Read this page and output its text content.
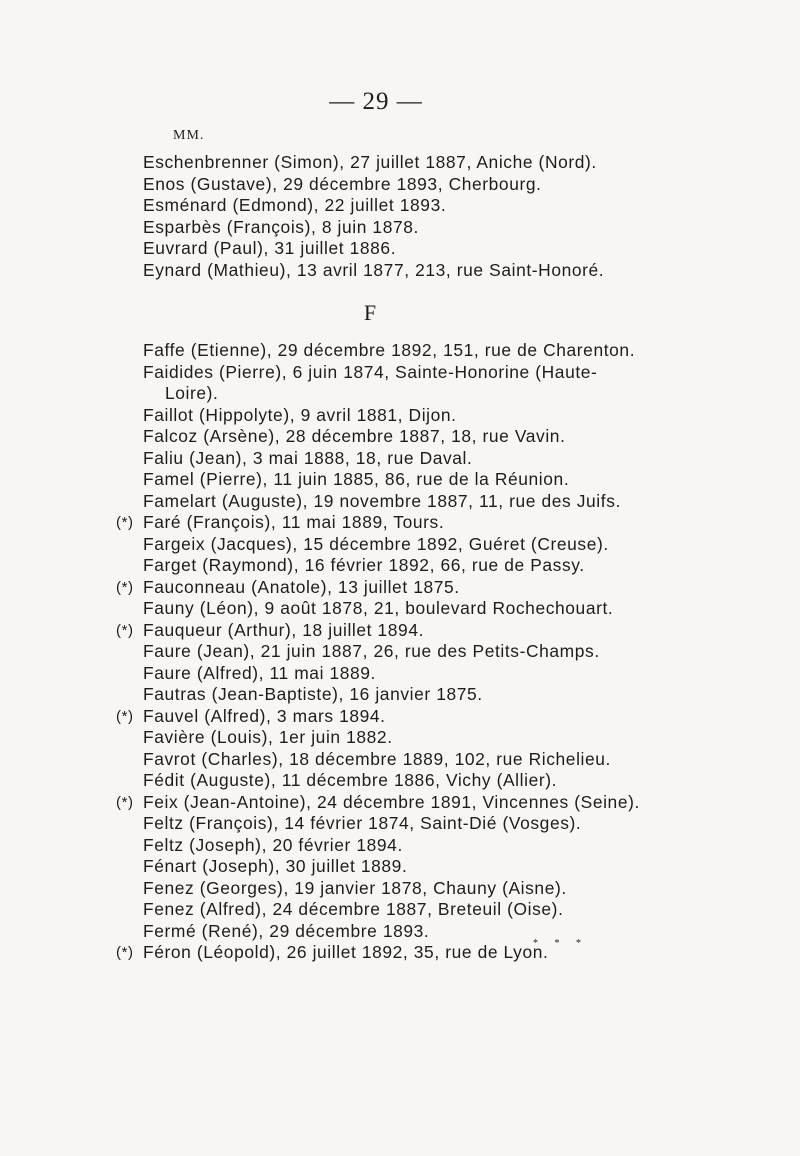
— 29 —
MM.
Eschenbrenner (Simon), 27 juillet 1887, Aniche (Nord).
Enos (Gustave), 29 décembre 1893, Cherbourg.
Esménard (Edmond), 22 juillet 1893.
Esparbès (François), 8 juin 1878.
Euvrard (Paul), 31 juillet 1886.
Eynard (Mathieu), 13 avril 1877, 213, rue Saint-Honoré.
F
Faffe (Etienne), 29 décembre 1892, 151, rue de Charenton.
Faidides (Pierre), 6 juin 1874, Sainte-Honorine (Haute-
Loire).
Faillot (Hippolyte), 9 avril 1881, Dijon.
Falcoz (Arsène), 28 décembre 1887, 18, rue Vavin.
Faliu (Jean), 3 mai 1888, 18, rue Daval.
Famel (Pierre), 11 juin 1885, 86, rue de la Réunion.
Famelart (Auguste), 19 novembre 1887, 11, rue des Juifs.
(*) Faré (François), 11 mai 1889, Tours.
Fargeix (Jacques), 15 décembre 1892, Guéret (Creuse).
Farget (Raymond), 16 février 1892, 66, rue de Passy.
(*) Fauconneau (Anatole), 13 juillet 1875.
Fauny (Léon), 9 août 1878, 21, boulevard Rochechouart.
(*) Fauqueur (Arthur), 18 juillet 1894.
Faure (Jean), 21 juin 1887, 26, rue des Petits-Champs.
Faure (Alfred), 11 mai 1889.
Fautras (Jean-Baptiste), 16 janvier 1875.
(*) Fauvel (Alfred), 3 mars 1894.
Favière (Louis), 1er juin 1882.
Favrot (Charles), 18 décembre 1889, 102, rue Richelieu.
Fédit (Auguste), 11 décembre 1886, Vichy (Allier).
(*) Feix (Jean-Antoine), 24 décembre 1891, Vincennes (Seine).
Feltz (François), 14 février 1874, Saint-Dié (Vosges).
Feltz (Joseph), 20 février 1894.
Fénart (Joseph), 30 juillet 1889.
Fenez (Georges), 19 janvier 1878, Chauny (Aisne).
Fenez (Alfred), 24 décembre 1887, Breteuil (Oise).
Fermé (René), 29 décembre 1893.
(*) Féron (Léopold), 26 juillet 1892, 35, rue de Lyon.
* * *
